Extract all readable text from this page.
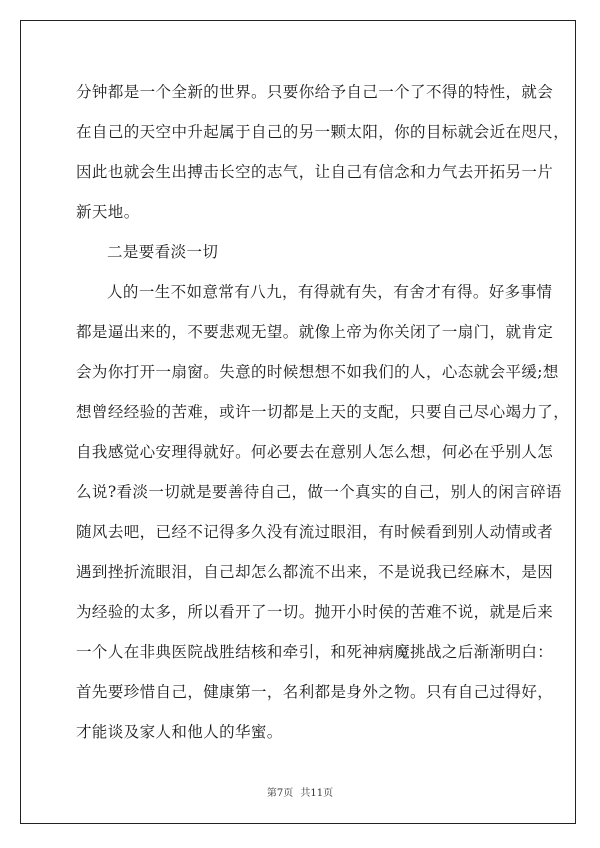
分 钟 都 是 一 个 全 新 的 世 界 。 只 要 你 给 予 自 己 一 个 了 不 得 的 特 性 ， 就 会
在 自 己 的 天 空 中 升 起 属 于 自 己 的 另 一 颗 太 阳 ， 你 的 目 标 就 会 近 在 咫 尺 ，
因 此 也 就 会 生 出 搏 击 长 空 的 志 气 ， 让 自 己 有 信 念 和 力 气 去 开 拓 另 一 片
新天地。
二是要看淡一切
人 的 一 生 不 如 意 常 有 八 九 ， 有 得 就 有 失 ， 有 舍 才 有 得 。 好 多 事 情
都 是 逼 出 来 的 ， 不 要 悲 观 无 望 。 就 像 上 帝 为 你 关 闭 了 一 扇 门 ， 就 肯 定
会 为 你 打 开 一 扇 窗 。 失 意 的 时 候 想 想 不 如 我 们 的 人 ， 心 态 就 会 平 缓 ; 想
想 曾 经 经 验 的 苦 难 ， 或 许 一 切 都 是 上 天 的 支 配 ， 只 要 自 己 尽 心 竭 力 了 ，
自 我 感 觉 心 安 理 得 就 好 。 何 必 要 去 在 意 别 人 怎 么 想 ， 何 必 在 乎 别 人 怎
么 说 ? 看 淡 一 切 就 是 要 善 待 自 己 ， 做 一 个 真 实 的 自 己 ， 别 人 的 闲 言 碎 语
随 风 去 吧 ， 已 经 不 记 得 多 久 没 有 流 过 眼 泪 ， 有 时 候 看 到 别 人 动 情 或 者
遇 到 挫 折 流 眼 泪 ， 自 己 却 怎 么 都 流 不 出 来 ， 不 是 说 我 已 经 麻 木 ， 是 因
为 经 验 的 太 多 ， 所 以 看 开 了 一 切 。 抛 开 小 时 侯 的 苦 难 不 说 ， 就 是 后 来
一 个 人 在 非 典 医 院 战 胜 结 核 和 牵 引 ， 和 死 神 病 魔 挑 战 之 后 渐 渐 明 白 ：
首 先 要 珍 惜 自 己 ， 健 康 第 一 ， 名 利 都 是 身 外 之 物 。 只 有 自 己 过 得 好 ，
才能谈及家人和他人的华蜜。
第7页 共11页
